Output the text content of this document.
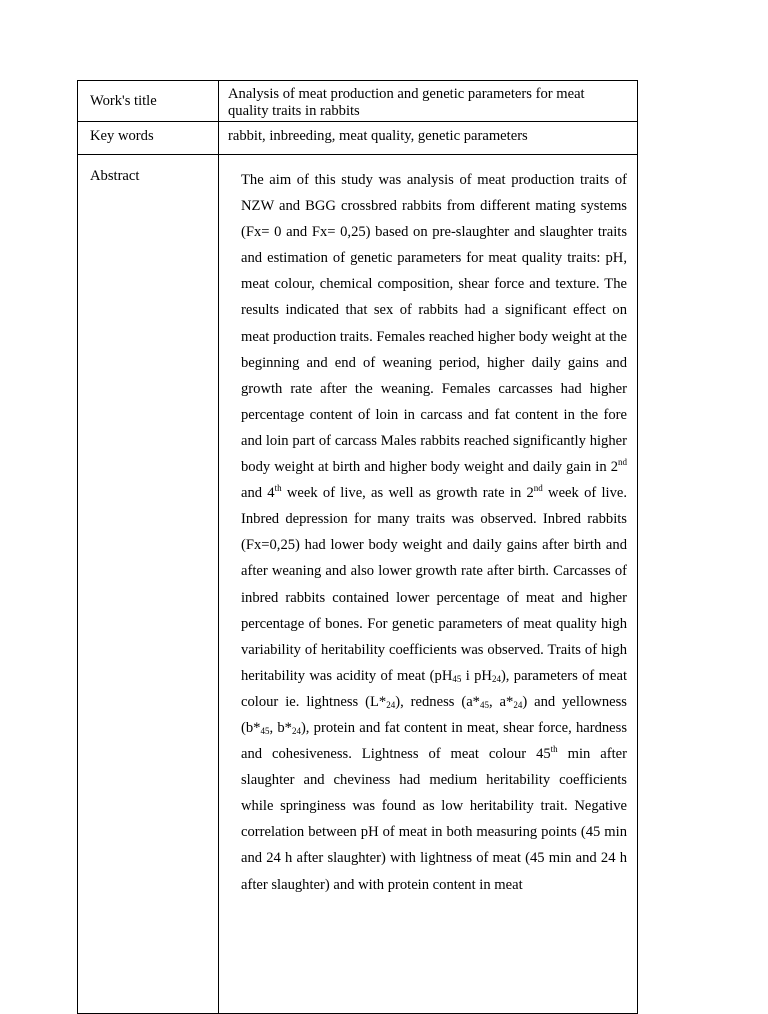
Work's title	Analysis of meat production and genetic parameters for meat quality traits in rabbits

Key words	rabbit, inbreeding, meat quality, genetic parameters

Abstract	The aim of this study was analysis of meat production traits of NZW and BGG crossbred rabbits from different mating systems (Fx= 0 and Fx= 0,25) based on pre-slaughter and slaughter traits and estimation of genetic parameters for meat quality traits: pH, meat colour, chemical composition, shear force and texture. The results indicated that sex of rabbits had a significant effect on meat production traits. Females reached higher body weight at the beginning and end of weaning period, higher daily gains and growth rate after the weaning. Females carcasses had higher percentage content of loin in carcass and fat content in the fore and loin part of carcass Males rabbits reached significantly higher body weight at birth and higher body weight and daily gain in 2nd and 4th week of live, as well as growth rate in 2nd week of live. Inbred depression for many traits was observed. Inbred rabbits (Fx=0,25) had lower body weight and daily gains after birth and after weaning and also lower growth rate after birth. Carcasses of inbred rabbits contained lower percentage of meat and higher percentage of bones. For genetic parameters of meat quality high variability of heritability coefficients was observed. Traits of high heritability was acidity of meat ($pH_{45}$ i $pH_{24}$), parameters of meat colour ie. lightness $(L*_{24})$, redness ($a*_{45}$, $a*_{24}$) and yellowness ($b*_{45}$, $b*_{24}$), protein and fat content in meat, shear force, hardness and cohesiveness. Lightness of meat colour 45th min after slaughter and cheviness had medium heritability coefficients while springiness was found as low heritability trait. Negative correlation between pH of meat in both measuring points (45 min and 24 h after slaughter) with lightness of meat (45 min and 24 h after slaughter) and with protein content in meat
